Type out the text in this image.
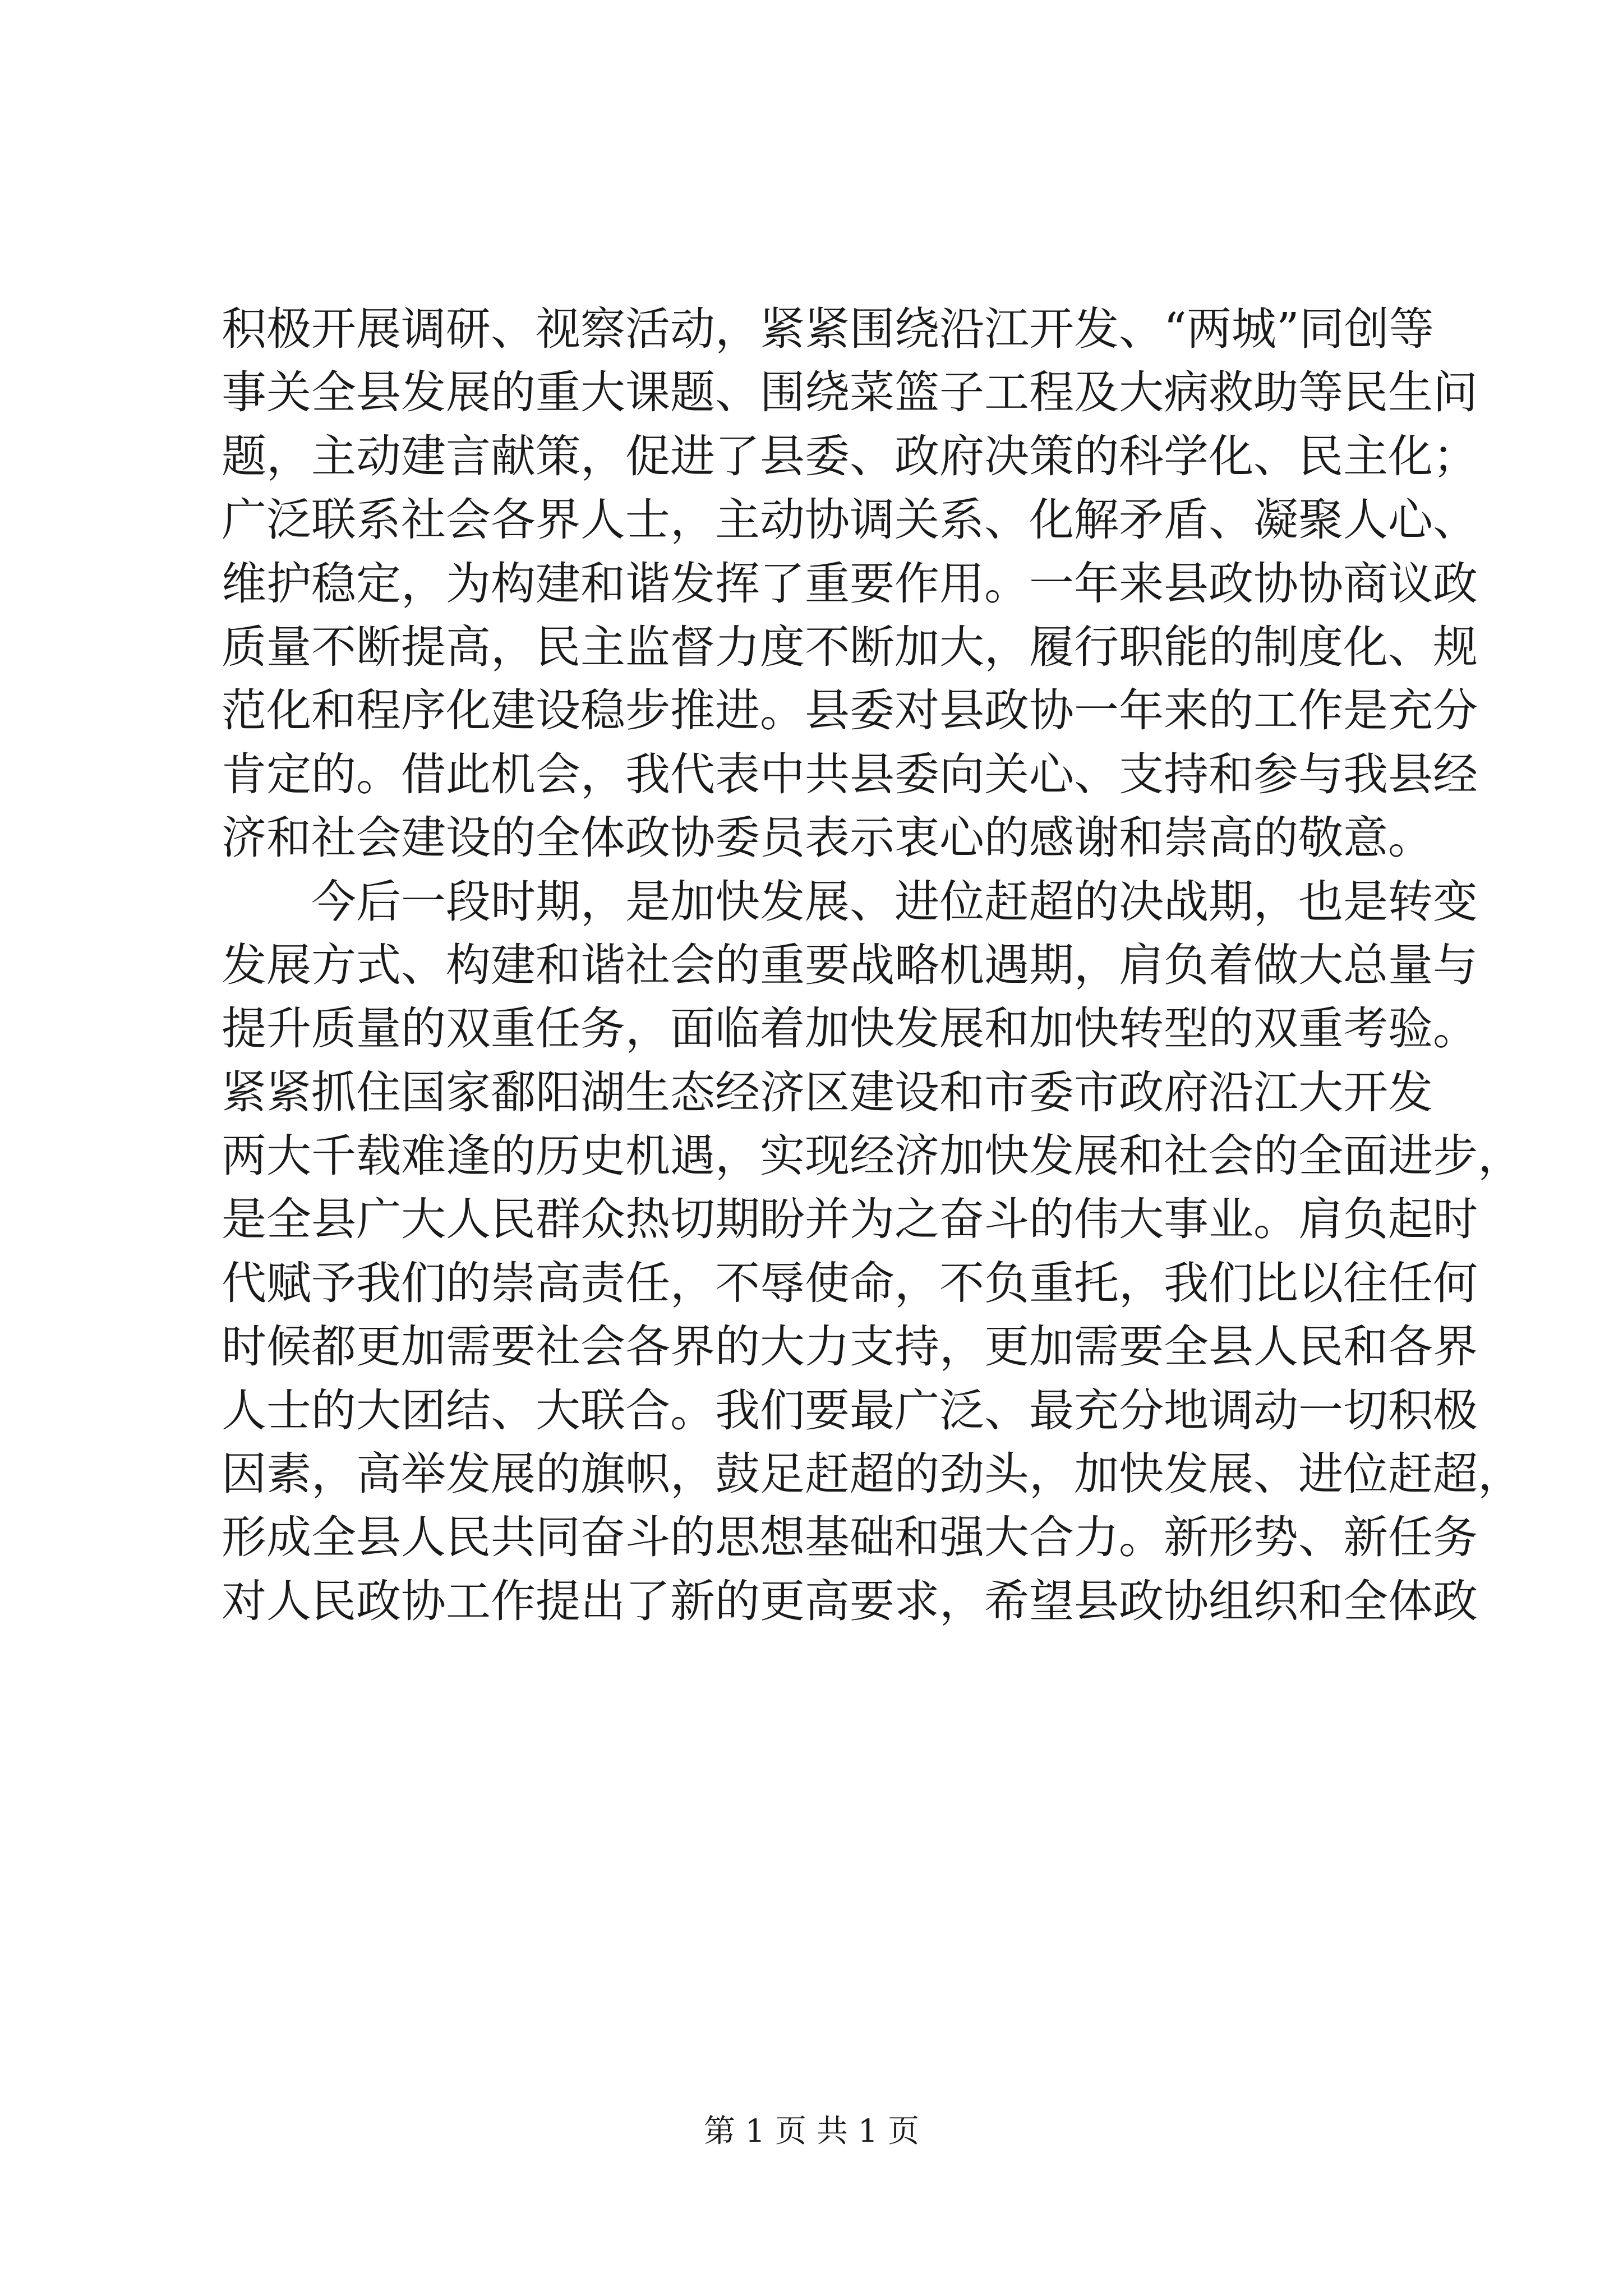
积极开展调研、视察活动，紧紧围绕沿江开发、“两城”同创等
事关全县发展的重大课题、围绕菜篮子工程及大病救助等民生问
题，主动建言献策，促进了县委、政府决策的科学化、民主化；
广泛联系社会各界人士，主动协调关系、化解矛盾、凝聚人心、
维护稳定，为构建和谐发挥了重要作用。一年来县政协协商议政
质量不断提高，民主监督力度不断加大，履行职能的制度化、规
范化和程序化建设稳步推进。县委对县政协一年来的工作是充分
肯定的。借此机会，我代表中共县委向关心、支持和参与我县经
济和社会建设的全体政协委员表示衷心的感谢和崇高的敬意。
今后一段时期，是加快发展、进位赶超的决战期，也是转变
发展方式、构建和谐社会的重要战略机遇期，肩负着做大总量与
提升质量的双重任务，面临着加快发展和加快转型的双重考验。
紧紧抓住国家鄱阳湖生态经济区建设和市委市政府沿江大开发
两大千载难逢的历史机遇，实现经济加快发展和社会的全面进步，
是全县广大人民群众热切期盼并为之奋斗的伟大事业。肩负起时
代赋予我们的崇高责任，不辱使命，不负重托，我们比以往任何
时候都更加需要社会各界的大力支持，更加需要全县人民和各界
人士的大团结、大联合。我们要最广泛、最充分地调动一切积极
因素，高举发展的旗帜，鼓足赶超的劲头，加快发展、进位赶超，
形成全县人民共同奋斗的思想基础和强大合力。新形势、新任务
对人民政协工作提出了新的更高要求，希望县政协组织和全体政
第 1 页 共 1 页
